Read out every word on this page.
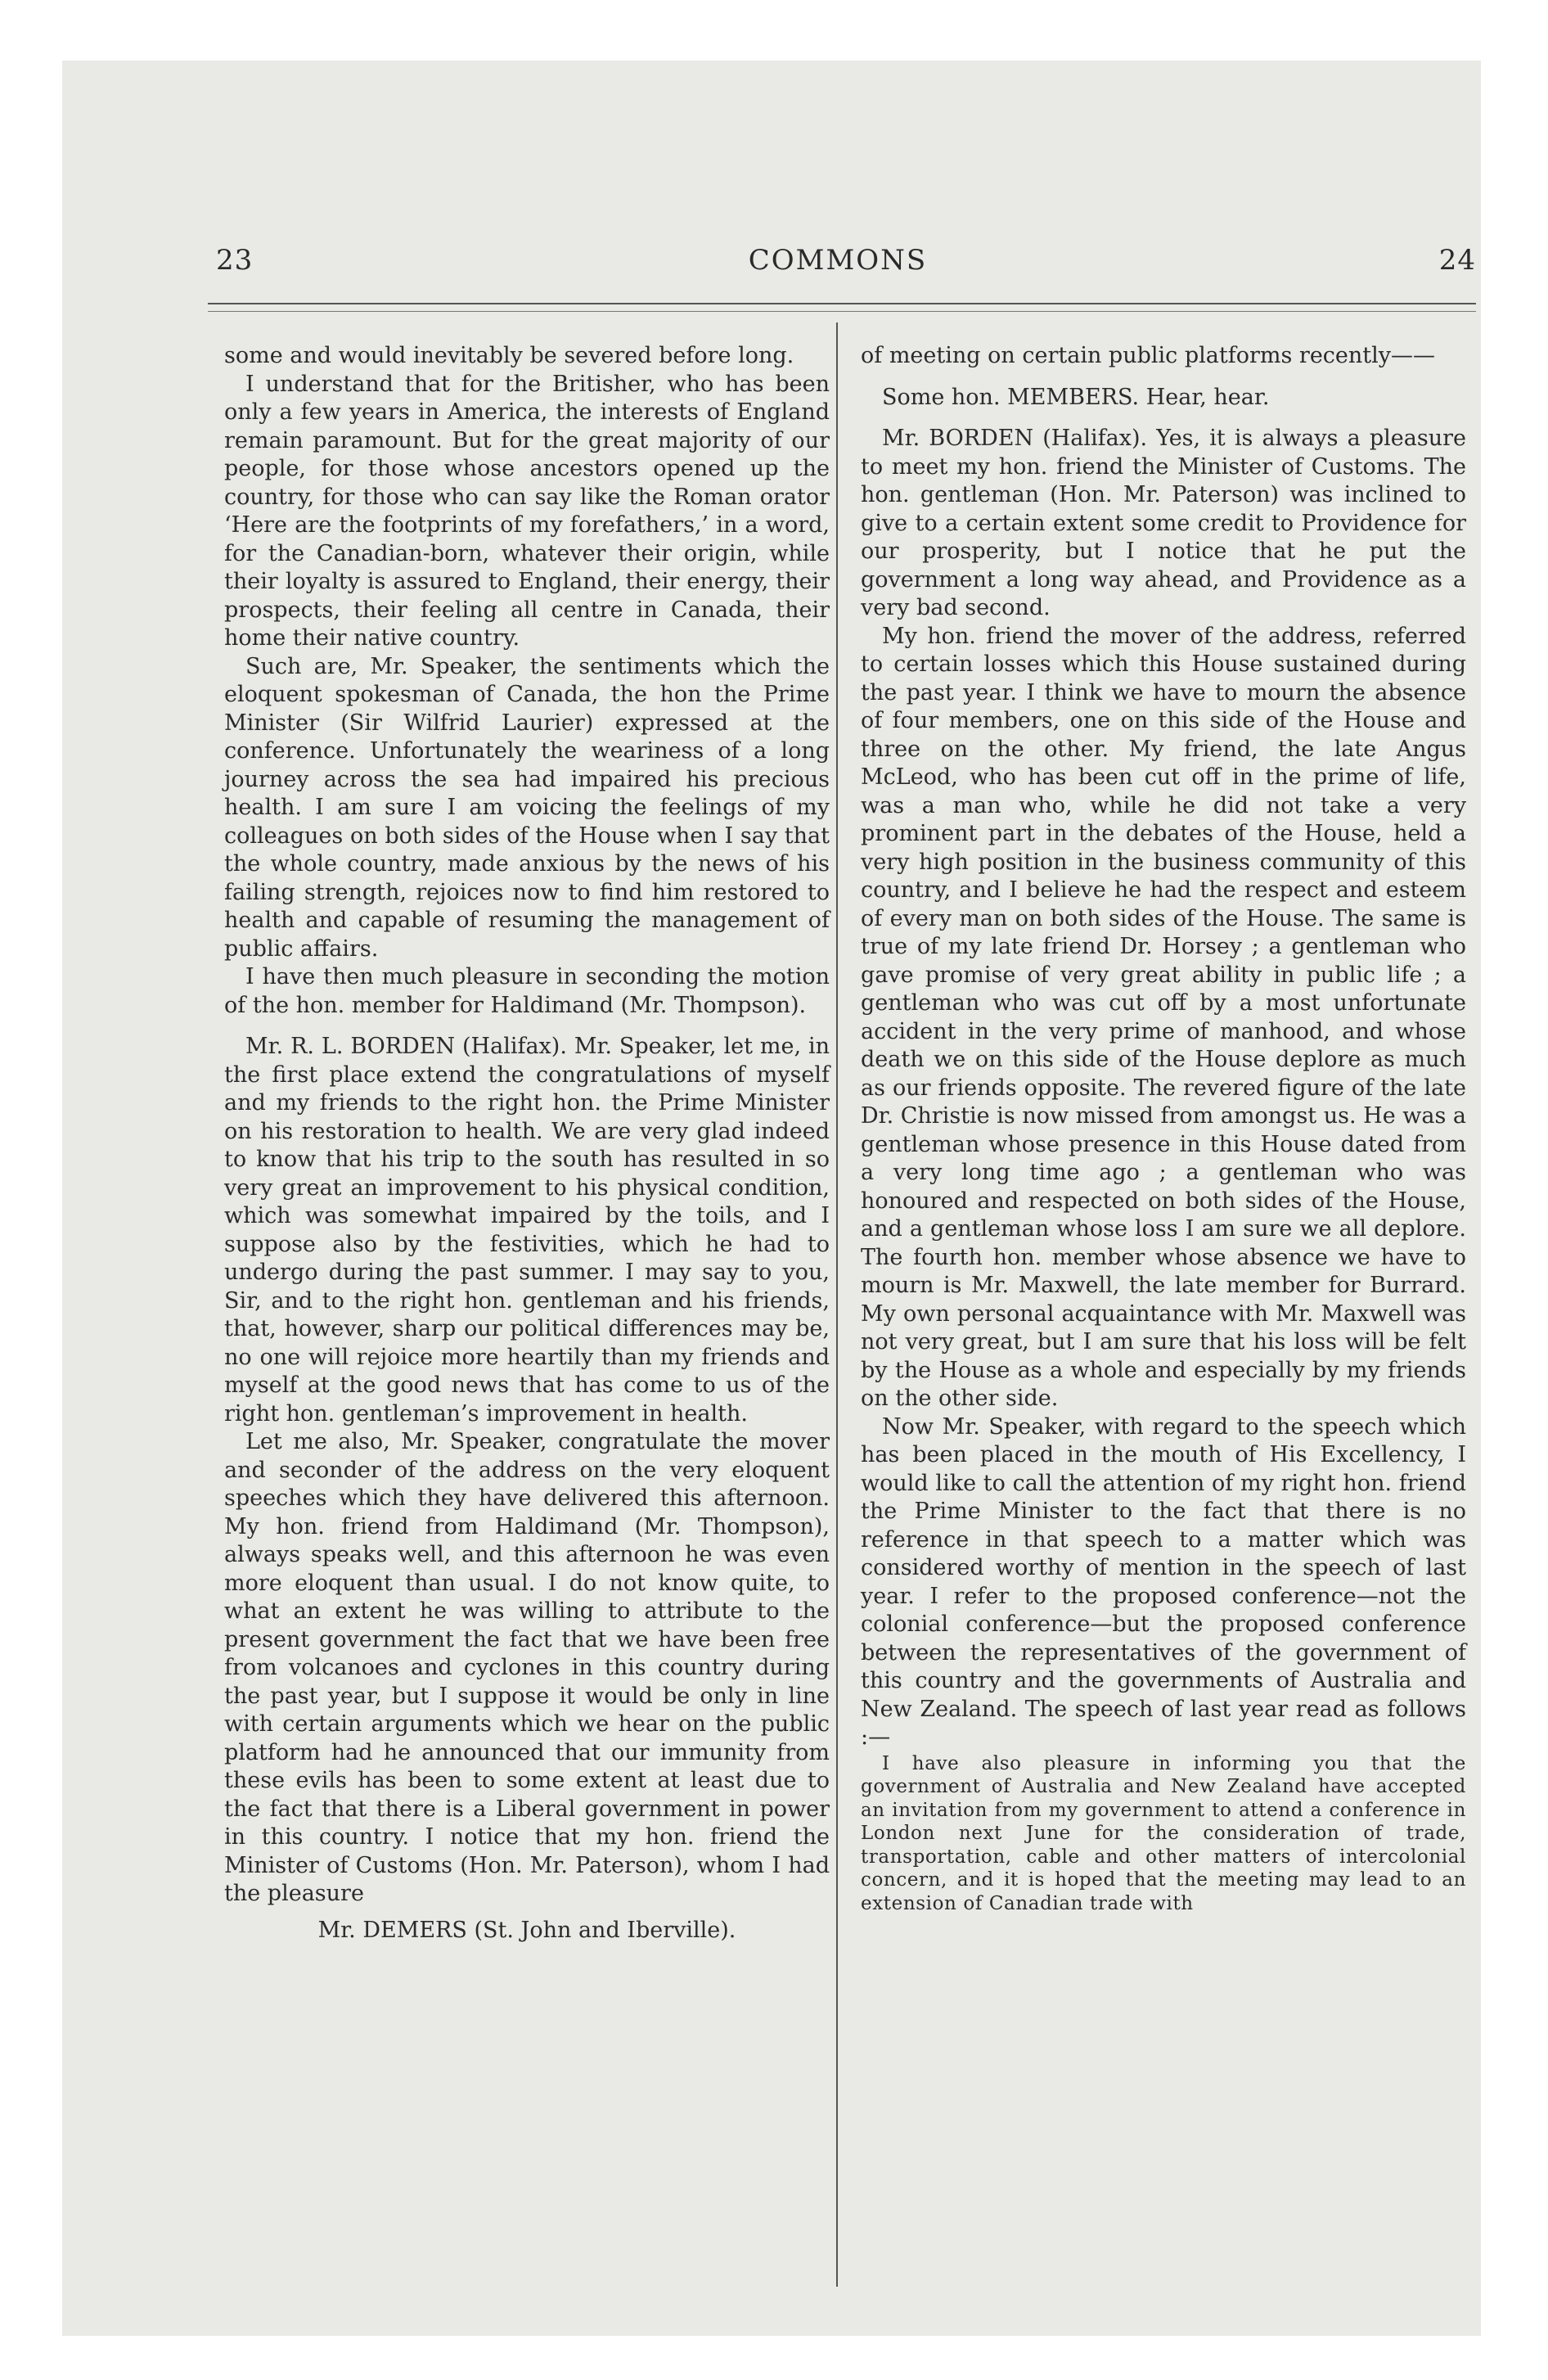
23	COMMONS	24

some and would inevitably be severed before long.

I understand that for the Britisher, who has been only a few years in America, the interests of England remain paramount. But for the great majority of our people, for those whose ancestors opened up the country, for those who can say like the Roman orator ‘Here are the footprints of my forefathers,’ in a word, for the Canadian-born, whatever their origin, while their loyalty is assured to England, their energy, their prospects, their feeling all centre in Canada, their home their native country.

Such are, Mr. Speaker, the sentiments which the eloquent spokesman of Canada, the hon the Prime Minister (Sir Wilfrid Laurier) expressed at the conference. Unfortunately the weariness of a long journey across the sea had impaired his precious health. I am sure I am voicing the feelings of my colleagues on both sides of the House when I say that the whole country, made anxious by the news of his failing strength, rejoices now to find him restored to health and capable of resuming the management of public affairs.

I have then much pleasure in seconding the motion of the hon. member for Haldimand (Mr. Thompson).

Mr. R. L. BORDEN (Halifax). Mr. Speaker, let me, in the first place extend the congratulations of myself and my friends to the right hon. the Prime Minister on his restoration to health. We are very glad indeed to know that his trip to the south has resulted in so very great an improvement to his physical condition, which was somewhat impaired by the toils, and I suppose also by the festivities, which he had to undergo during the past summer. I may say to you, Sir, and to the right hon. gentleman and his friends, that, however, sharp our political differences may be, no one will rejoice more heartily than my friends and myself at the good news that has come to us of the right hon. gentleman’s improvement in health.

Let me also, Mr. Speaker, congratulate the mover and seconder of the address on the very eloquent speeches which they have delivered this afternoon. My hon. friend from Haldimand (Mr. Thompson), always speaks well, and this afternoon he was even more eloquent than usual. I do not know quite, to what an extent he was willing to attribute to the present government the fact that we have been free from volcanoes and cyclones in this country during the past year, but I suppose it would be only in line with certain arguments which we hear on the public platform had he announced that our immunity from these evils has been to some extent at least due to the fact that there is a Liberal government in power in this country. I notice that my hon. friend the Minister of Customs (Hon. Mr. Paterson), whom I had the pleasure

Mr. DEMERS (St. John and Iberville).

of meeting on certain public platforms recently——

Some hon. MEMBERS. Hear, hear.

Mr. BORDEN (Halifax). Yes, it is always a pleasure to meet my hon. friend the Minister of Customs. The hon. gentleman (Hon. Mr. Paterson) was inclined to give to a certain extent some credit to Providence for our prosperity, but I notice that he put the government a long way ahead, and Providence as a very bad second.

My hon. friend the mover of the address, referred to certain losses which this House sustained during the past year. I think we have to mourn the absence of four members, one on this side of the House and three on the other. My friend, the late Angus McLeod, who has been cut off in the prime of life, was a man who, while he did not take a very prominent part in the debates of the House, held a very high position in the business community of this country, and I believe he had the respect and esteem of every man on both sides of the House. The same is true of my late friend Dr. Horsey ; a gentleman who gave promise of very great ability in public life ; a gentleman who was cut off by a most unfortunate accident in the very prime of manhood, and whose death we on this side of the House deplore as much as our friends opposite. The revered figure of the late Dr. Christie is now missed from amongst us. He was a gentleman whose presence in this House dated from a very long time ago ; a gentleman who was honoured and respected on both sides of the House, and a gentleman whose loss I am sure we all deplore. The fourth hon. member whose absence we have to mourn is Mr. Maxwell, the late member for Burrard. My own personal acquaintance with Mr. Maxwell was not very great, but I am sure that his loss will be felt by the House as a whole and especially by my friends on the other side.

Now Mr. Speaker, with regard to the speech which has been placed in the mouth of His Excellency, I would like to call the attention of my right hon. friend the Prime Minister to the fact that there is no reference in that speech to a matter which was considered worthy of mention in the speech of last year. I refer to the proposed conference—not the colonial conference—but the proposed conference between the representatives of the government of this country and the governments of Australia and New Zealand. The speech of last year read as follows :—

I have also pleasure in informing you that the government of Australia and New Zealand have accepted an invitation from my government to attend a conference in London next June for the consideration of trade, transportation, cable and other matters of intercolonial concern, and it is hoped that the meeting may lead to an extension of Canadian trade with
